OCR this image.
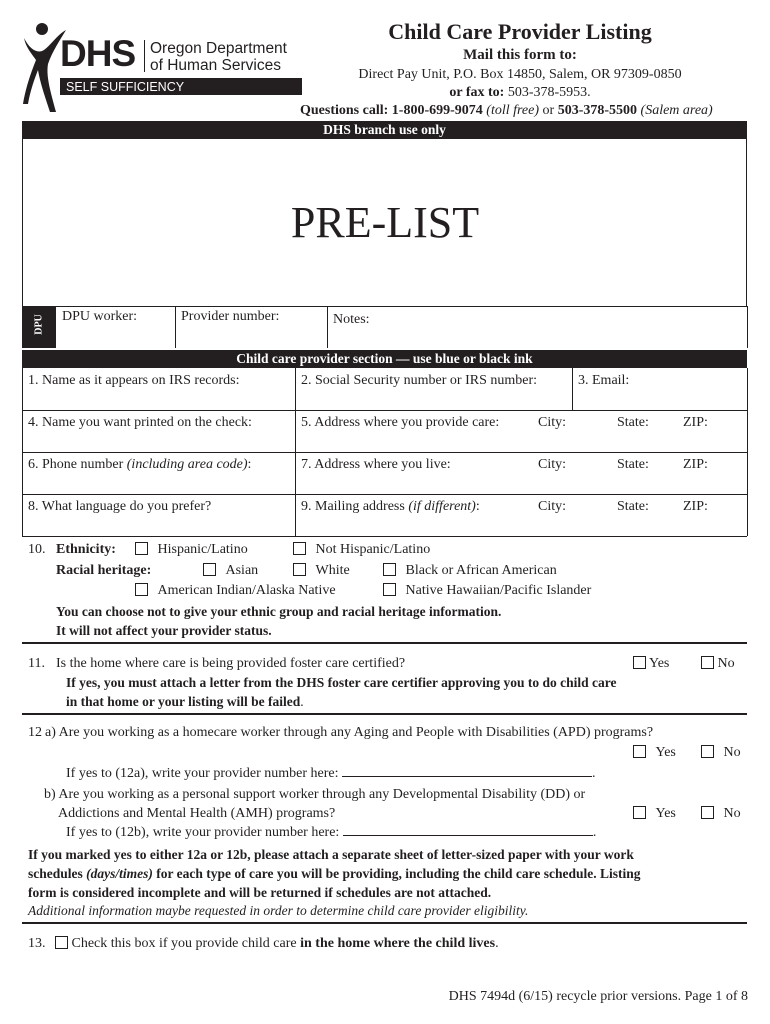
DHS Oregon Department
of Human Services
SELF SUFFICIENCY
Child Care Provider Listing
Mail this form to:
Direct Pay Unit, P.O. Box 14850, Salem, OR 97309-0850
or fax to: 503-378-5953.
Questions call: 1-800-699-9074 (toll free) or 503-378-5500 (Salem area)
DHS branch use only
PRE-LIST
DPU DPU worker:	Provider number:	Notes:
Child care provider section — use blue or black ink
1. Name as it appears on IRS records:	2. Social Security number or IRS number:	3. Email:
4. Name you want printed on the check:	5. Address where you provide care:	City:	State: ZIP:
6. Phone number (including area code):	7. Address where you live:	City:	State: ZIP:
8. What language do you prefer?	9. Mailing address (if different):	City:	State: ZIP:
10. Ethnicity:	Hispanic/Latino	Not Hispanic/Latino
Racial heritage:	Asian	White	Black or African American
American Indian/Alaska Native	Native Hawaiian/Pacific Islander
You can choose not to give your ethnic group and racial heritage information.
It will not affect your provider status.
11. Is the home where care is being provided foster care certified?	Yes	No
If yes, you must attach a letter from the DHS foster care certifier approving you to do child care
in that home or your listing will be failed.
12 a) Are you working as a homecare worker through any Aging and People with Disabilities (APD) programs?
Yes	No
If yes to (12a), write your provider number here:	.
b) Are you working as a personal support worker through any Developmental Disability (DD) or
Addictions and Mental Health (AMH) programs?	Yes	No
If yes to (12b), write your provider number here:	.
If you marked yes to either 12a or 12b, please attach a separate sheet of letter-sized paper with your work
schedules (days/times) for each type of care you will be providing, including the child care schedule. Listing
form is considered incomplete and will be returned if schedules are not attached.
Additional information maybe requested in order to determine child care provider eligibility.
13.	Check this box if you provide child care in the home where the child lives.
DHS 7494d (6/15) recycle prior versions. Page 1 of 8
